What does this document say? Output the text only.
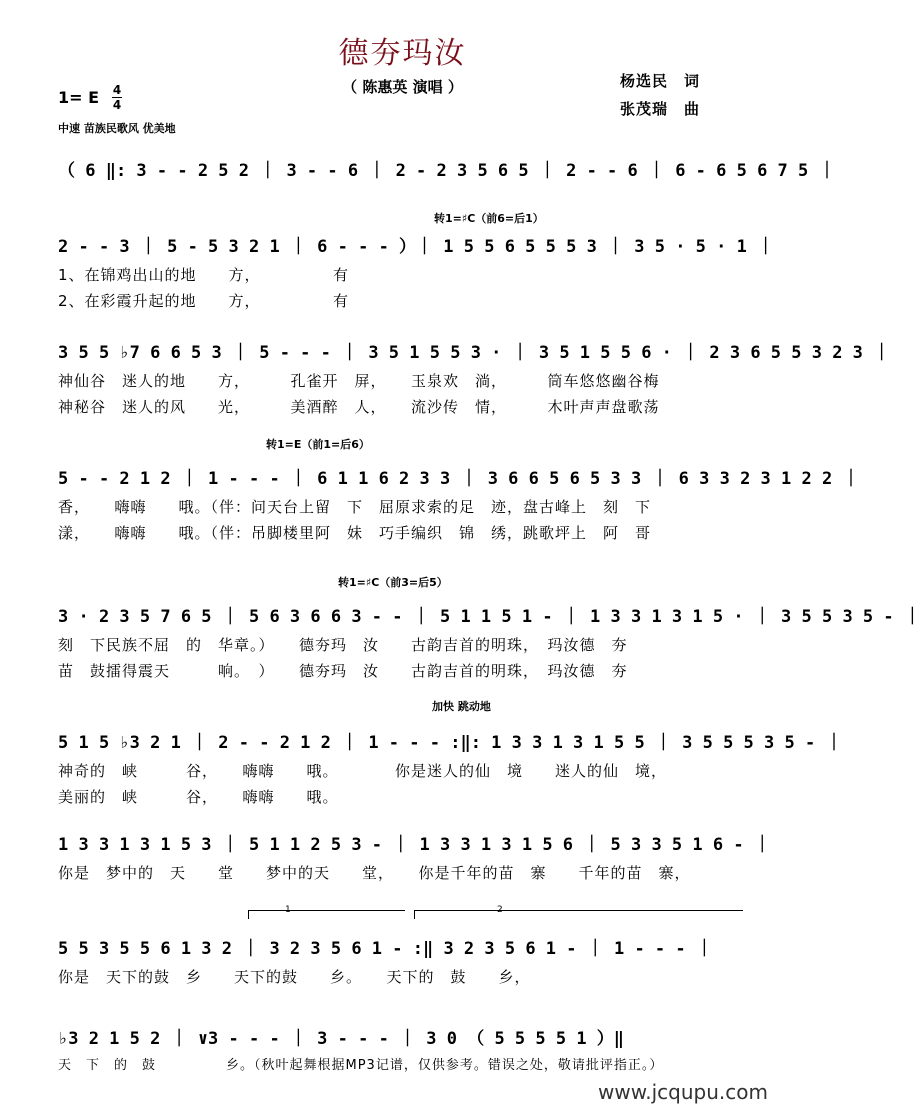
德夯玛汝
（ 陈惠英 演唱 ）	杨选民　词
张茂瑞　曲
1= E 4
4
中速 苗族民歌风 优美地
（ 6 ‖: 3 - - 2 5 2 ｜ 3 - - 6 ｜ 2 - 2 3 5 6 5 ｜ 2 - - 6 ｜ 6 - 6 5 6 7 5 ｜
转1=♯C（前6=后1）
2 - - 3 ｜ 5 - 5 3 2 1 ｜ 6 - - - ）｜ 1 5 5 6 5 5 5 3 ｜ 3 5 · 5 · 1 ｜
1、在锦鸡出山的地　　方，　　　　　有
2、在彩霞升起的地　　方，　　　　　有
3 5 5 ♭7 6 6 5 3 ｜ 5 - - - ｜ 3 5 1 5 5 3 · ｜ 3 5 1 5 5 6 · ｜ 2 3 6 5 5 3 2 3 ｜
神仙谷　迷人的地　　方，　　　孔雀开　屏，　　玉泉欢　淌，　　　筒车悠悠幽谷梅
神秘谷　迷人的风　　光，　　　美酒醉　人，　　流沙传　情，　　　木叶声声盘歌荡
转1=E（前1=后6）
5 - - 2 1 2 ｜ 1 - - - ｜ 6 1 1 6 2 3 3 ｜ 3 6 6 5 6 5 3 3 ｜ 6 3 3 2 3 1 2 2 ｜
香，　　嗨嗨　　哦。（伴：问天台上留　下　屈原求索的足　迹，盘古峰上　刻　下
漾，　　嗨嗨　　哦。（伴：吊脚楼里阿　妹　巧手编织　锦　绣，跳歌坪上　阿　哥
转1=♯C（前3=后5）
3 · 2 3 5 7 6 5 ｜ 5 6 3 6 6 3 - - ｜ 5 1 1 5 1 - ｜ 1 3 3 1 3 1 5 · ｜ 3 5 5 3 5 - ｜
刻　下民族不屈　的　华章。）　　德夯玛　汝　　古韵吉首的明珠，　玛汝德　夯
苗　鼓擂得震天　　　响。　）　　德夯玛　汝　　古韵吉首的明珠，　玛汝德　夯
加快 跳动地
5 1 5 ♭3 2 1 ｜ 2 - - 2 1 2 ｜ 1 - - - :‖: 1 3 3 1 3 1 5 5 ｜ 3 5 5 5 3 5 - ｜
神奇的　峡　　　谷，　　嗨嗨　　哦。　　　　你是迷人的仙　境　　迷人的仙　境，
美丽的　峡　　　谷，　　嗨嗨　　哦。
1 3 3 1 3 1 5 3 ｜ 5 1 1 2 5 3 - ｜ 1 3 3 1 3 1 5 6 ｜ 5 3 3 5 1 6 - ｜
你是　梦中的　天　　堂　　梦中的天　　堂，　　你是千年的苗　寨　　千年的苗　寨，
1	2
5 5 3 5 5 6 1 3 2 ｜ 3 2 3 5 6 1 - :‖ 3 2 3 5 6 1 - ｜ 1 - - - ｜
你是　天下的鼓　乡　　天下的鼓　　乡。　　天下的　鼓　　乡，
♭3 2 1 5 2 ｜ ∨3 - - - ｜ 3 - - - ｜ 3 0 （ 5 5 5 5 1 ）‖
天　下　的　鼓　　　　　乡。（秋叶起舞根据MP3记谱，仅供参考。错误之处，敬请批评指正。）
www.jcqupu.com
